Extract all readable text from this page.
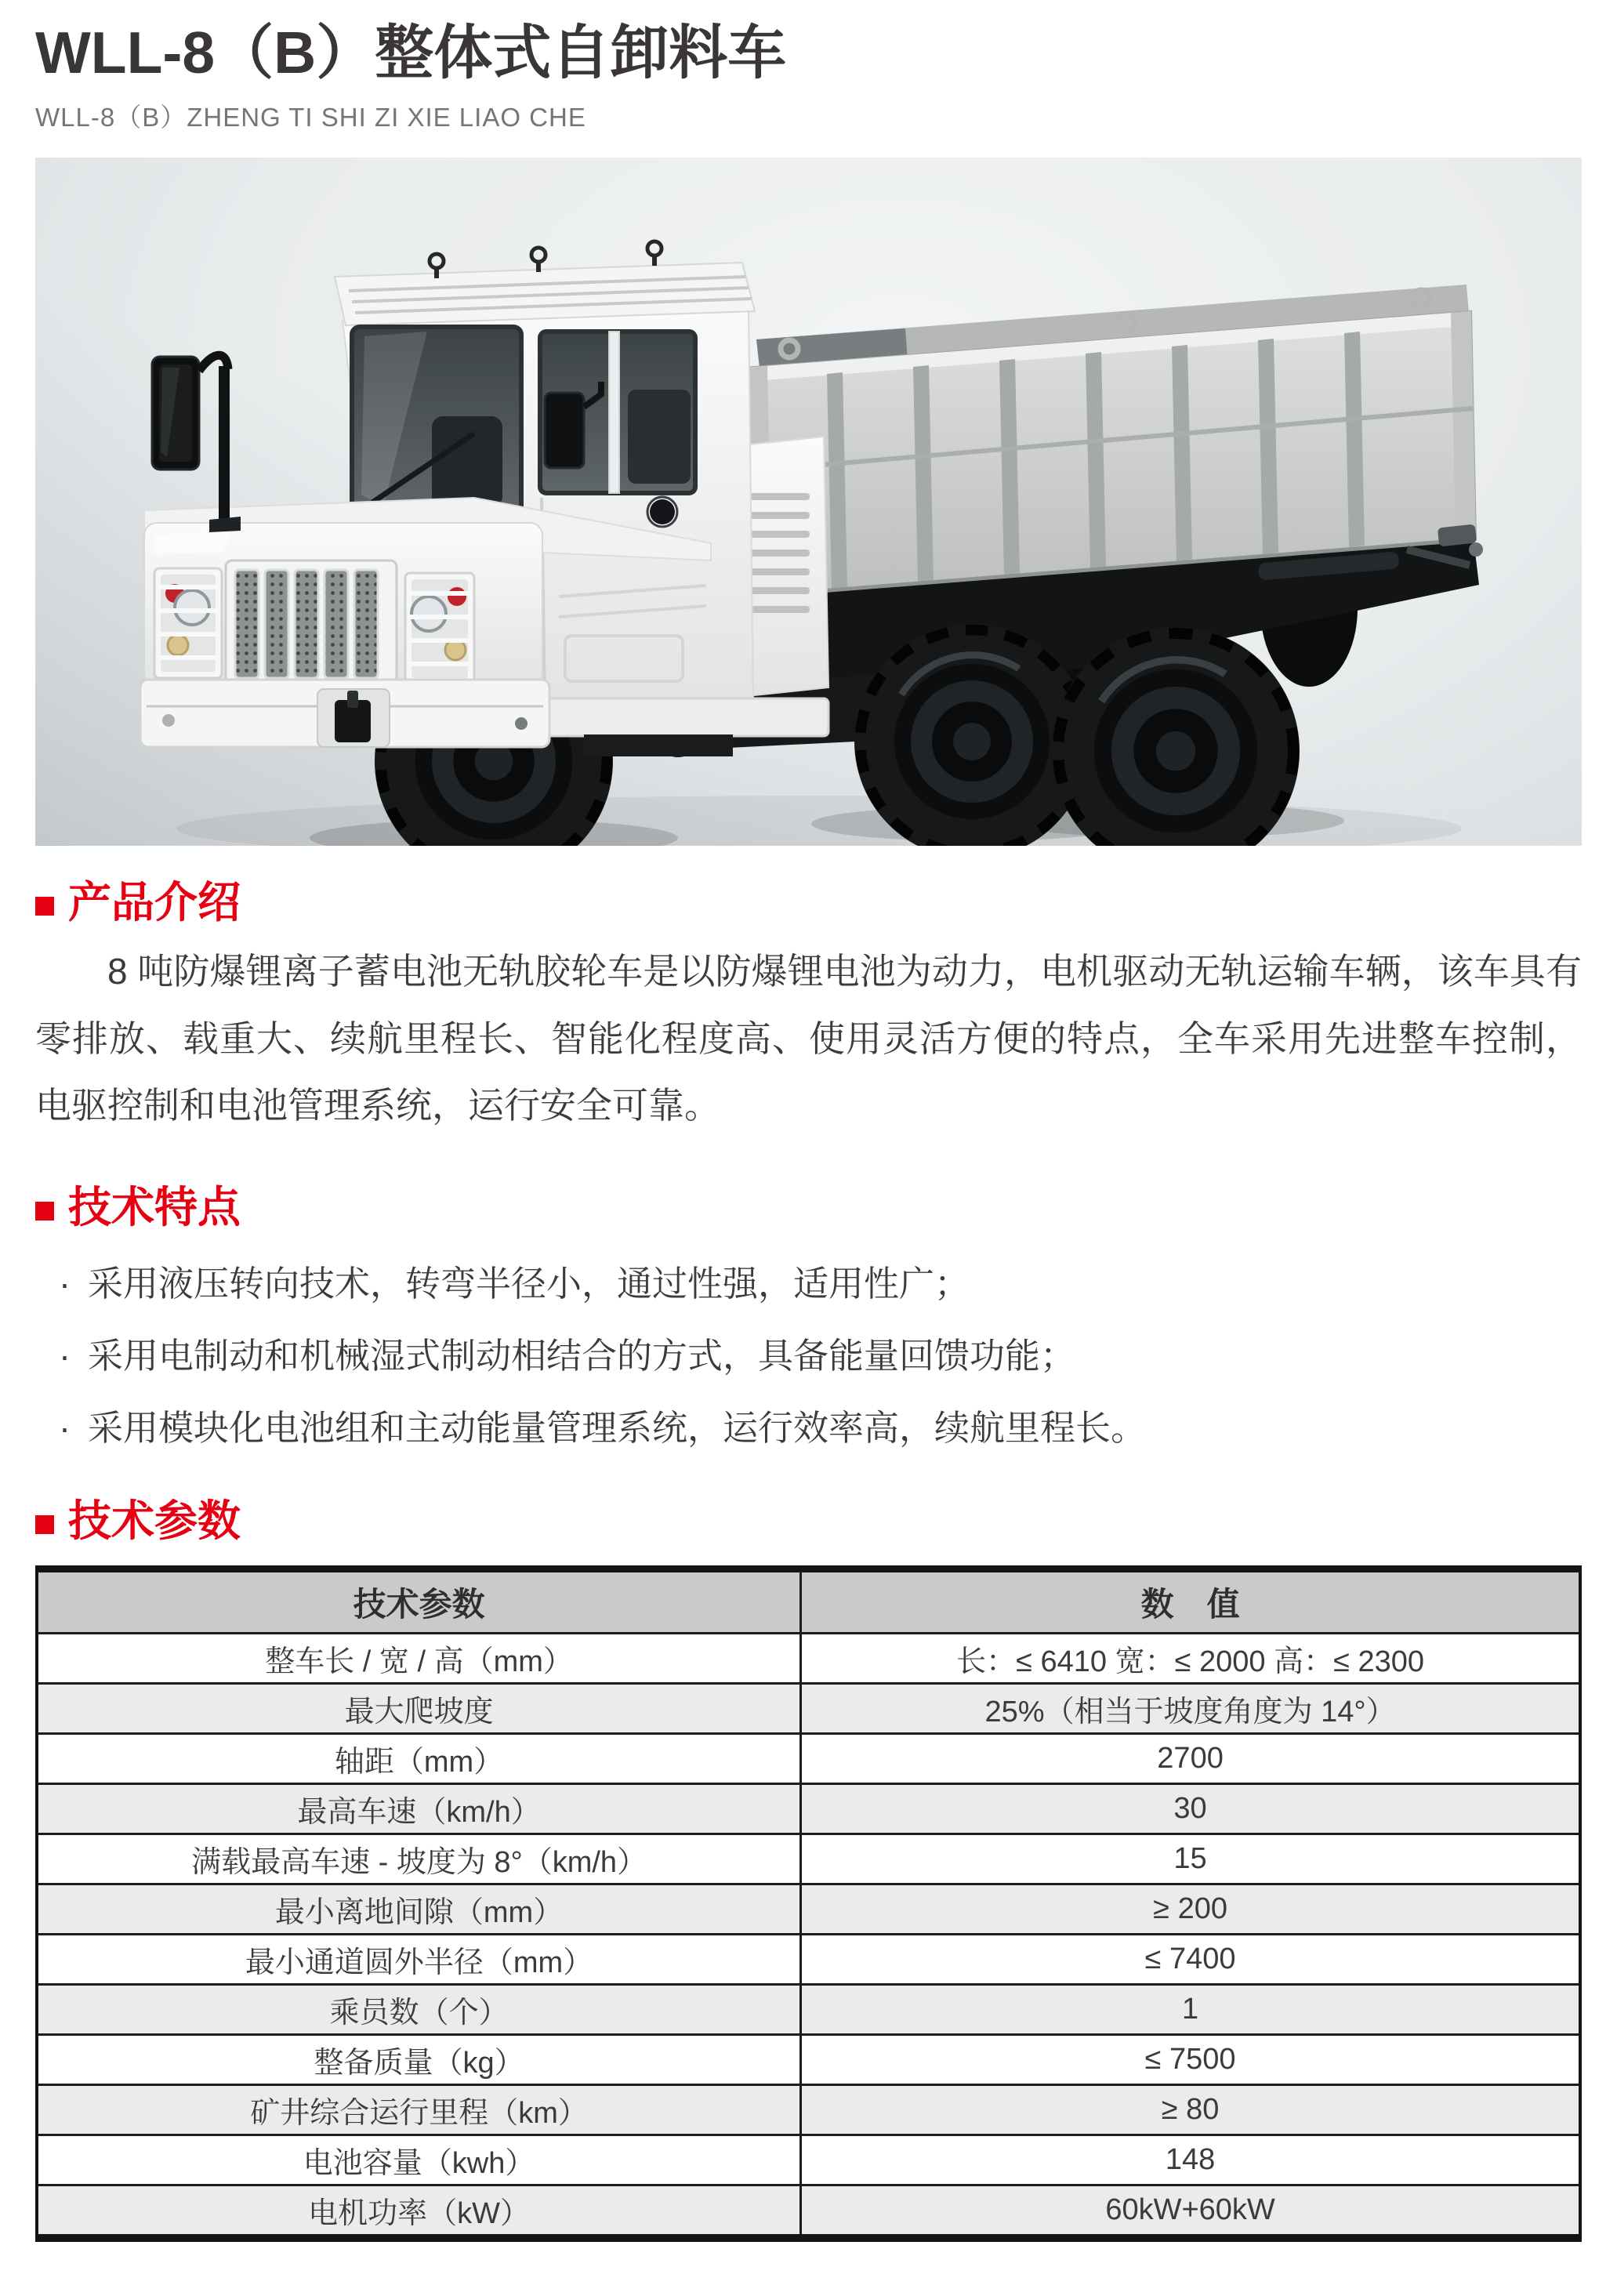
WLL-8（B）整体式自卸料车
WLL-8（B）ZHENG TI SHI ZI XIE LIAO CHE
产品介绍

8 吨防爆锂离子蓄电池无轨胶轮车是以防爆锂电池为动力，电机驱动无轨运输车辆，该车具有零排放、载重大、续航里程长、智能化程度高、使用灵活方便的特点，全车采用先进整车控制，电驱控制和电池管理系统，运行安全可靠。

技术特点
· 采用液压转向技术，转弯半径小，通过性强，适用性广；
· 采用电制动和机械湿式制动相结合的方式，具备能量回馈功能；
· 采用模块化电池组和主动能量管理系统，运行效率高，续航里程长。
技术参数
技术参数	数　值
整车长 / 宽 / 高（mm）	长：≤ 6410 宽：≤ 2000 高：≤ 2300
最大爬坡度	25%（相当于坡度角度为 14°）
轴距（mm）	2700
最高车速（km/h）	30
满载最高车速 - 坡度为 8°（km/h）	15
最小离地间隙（mm）	≥ 200
最小通道圆外半径（mm）	≤ 7400
乘员数（个）	1
整备质量（kg）	≤ 7500
矿井综合运行里程（km）	≥ 80
电池容量（kwh）	148
电机功率（kW）	60kW+60kW
